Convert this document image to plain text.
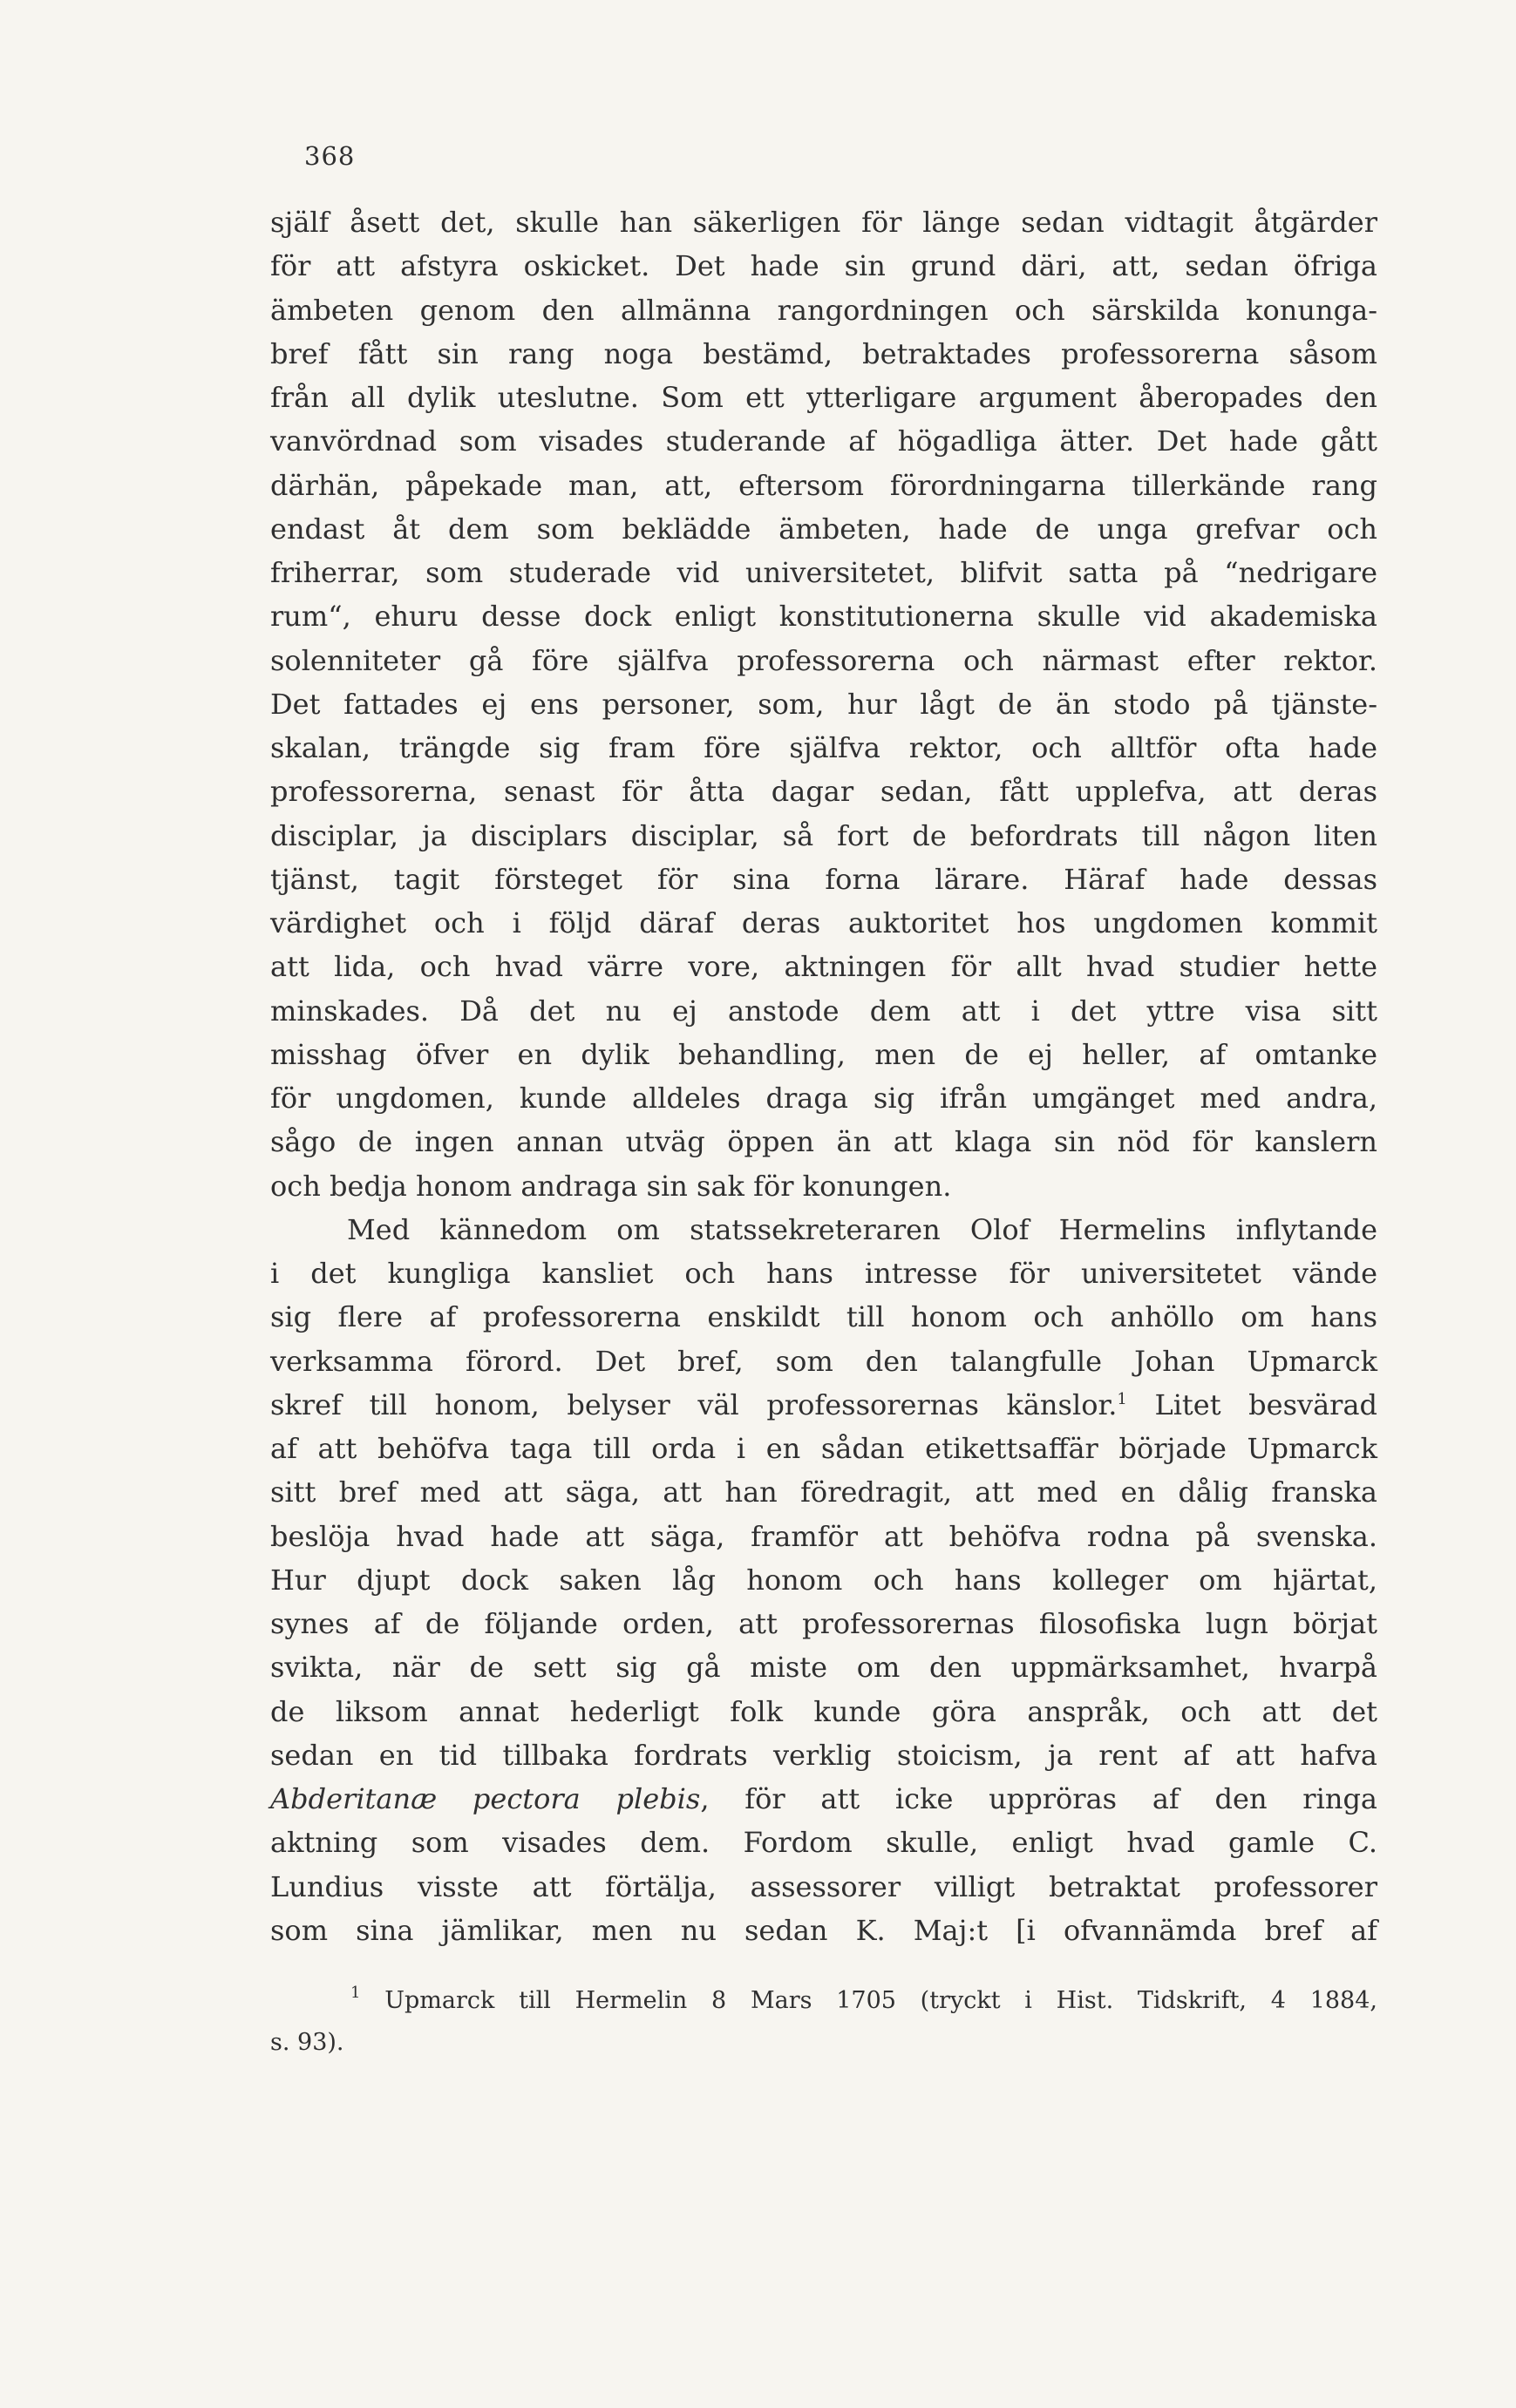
368
själf åsett det, skulle han säkerligen för länge sedan vidtagit åtgärder
för att afstyra oskicket. Det hade sin grund däri, att, sedan öfriga
ämbeten genom den allmänna rangordningen och särskilda konunga-
bref fått sin rang noga bestämd, betraktades professorerna såsom
från all dylik uteslutne. Som ett ytterligare argument åberopades den
vanvördnad som visades studerande af högadliga ätter. Det hade gått
därhän, påpekade man, att, eftersom förordningarna tillerkände rang
endast åt dem som beklädde ämbeten, hade de unga grefvar och
friherrar, som studerade vid universitetet, blifvit satta på “nedrigare
rum“, ehuru desse dock enligt konstitutionerna skulle vid akademiska
solenniteter gå före själfva professorerna och närmast efter rektor.
Det fattades ej ens personer, som, hur lågt de än stodo på tjänste-
skalan, trängde sig fram före själfva rektor, och alltför ofta hade
professorerna, senast för åtta dagar sedan, fått upplefva, att deras
disciplar, ja disciplars disciplar, så fort de befordrats till någon liten
tjänst, tagit försteget för sina forna lärare. Häraf hade dessas
värdighet och i följd däraf deras auktoritet hos ungdomen kommit
att lida, och hvad värre vore, aktningen för allt hvad studier hette
minskades. Då det nu ej anstode dem att i det yttre visa sitt
misshag öfver en dylik behandling, men de ej heller, af omtanke
för ungdomen, kunde alldeles draga sig ifrån umgänget med andra,
sågo de ingen annan utväg öppen än att klaga sin nöd för kanslern
och bedja honom andraga sin sak för konungen.
Med kännedom om statssekreteraren Olof Hermelins inflytande
i det kungliga kansliet och hans intresse för universitetet vände
sig flere af professorerna enskildt till honom och anhöllo om hans
verksamma förord. Det bref, som den talangfulle Johan Upmarck
skref till honom, belyser väl professorernas känslor.$^1$ Litet besvärad
af att behöfva taga till orda i en sådan etikettsaffär började Upmarck
sitt bref med att säga, att han föredragit, att med en dålig franska
beslöja hvad hade att säga, framför att behöfva rodna på svenska.
Hur djupt dock saken låg honom och hans kolleger om hjärtat,
synes af de följande orden, att professorernas filosofiska lugn börjat
svikta, när de sett sig gå miste om den uppmärksamhet, hvarpå
de liksom annat hederligt folk kunde göra anspråk, och att det
sedan en tid tillbaka fordrats verklig stoicism, ja rent af att hafva
Abderitanæ pectora plebis, för att icke uppröras af den ringa
aktning som visades dem. Fordom skulle, enligt hvad gamle C.
Lundius visste att förtälja, assessorer villigt betraktat professorer
som sina jämlikar, men nu sedan K. Maj:t [i ofvannämda bref af
$^1$ Upmarck till Hermelin 8 Mars 1705 (tryckt i Hist. Tidskrift, 4 1884,
s. 93).
